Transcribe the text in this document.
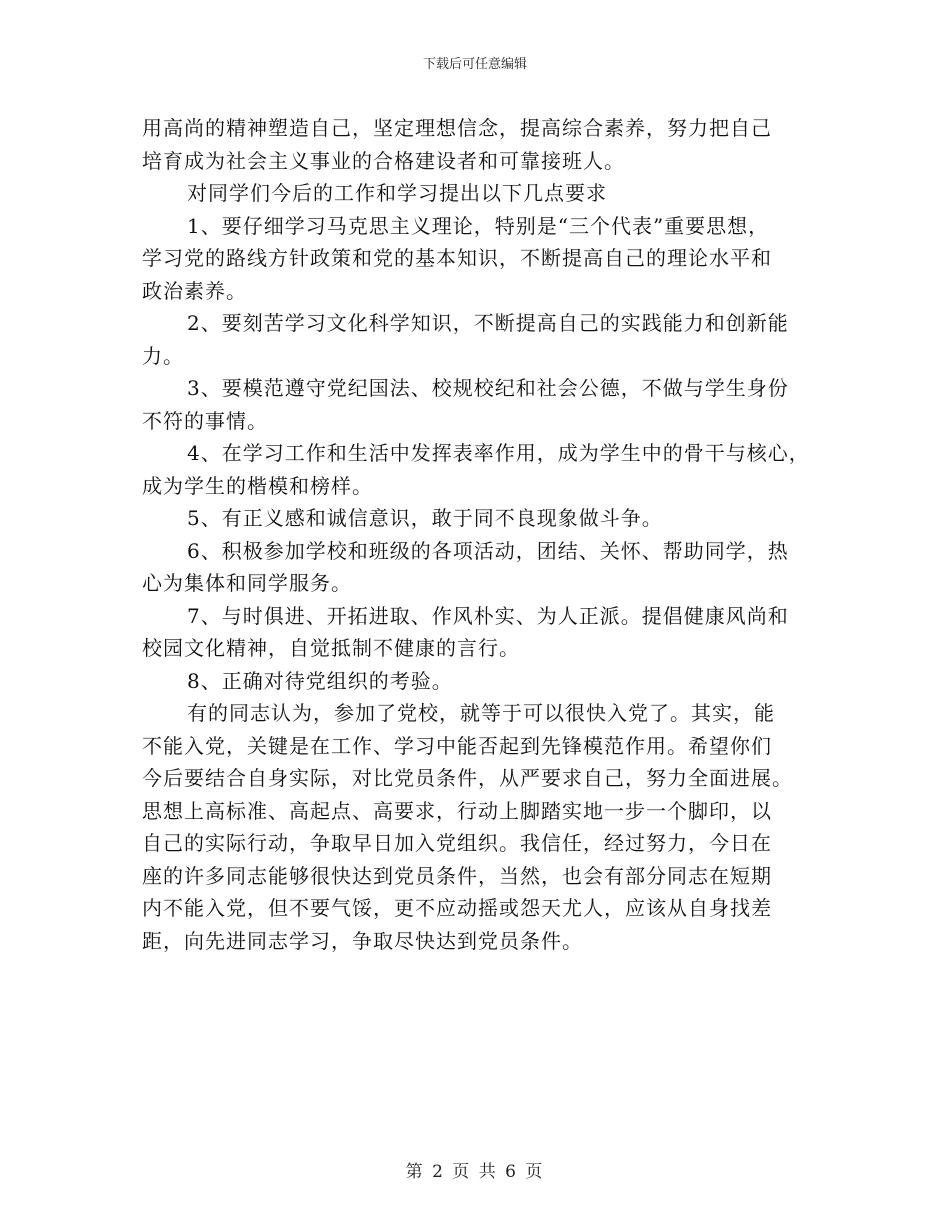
下载后可任意编辑
用高尚的精神塑造自己，坚定理想信念，提高综合素养，努力把自己
培育成为社会主义事业的合格建设者和可靠接班人。
对同学们今后的工作和学习提出以下几点要求
1、要仔细学习马克思主义理论，特别是“三个代表”重要思想，
学习党的路线方针政策和党的基本知识，不断提高自己的理论水平和
政治素养。
2、要刻苦学习文化科学知识，不断提高自己的实践能力和创新能
力。
3、要模范遵守党纪国法、校规校纪和社会公德，不做与学生身份
不符的事情。
4、在学习工作和生活中发挥表率作用，成为学生中的骨干与核心，
成为学生的楷模和榜样。
5、有正义感和诚信意识，敢于同不良现象做斗争。
6、积极参加学校和班级的各项活动，团结、关怀、帮助同学，热
心为集体和同学服务。
7、与时俱进、开拓进取、作风朴实、为人正派。提倡健康风尚和
校园文化精神，自觉抵制不健康的言行。
8、正确对待党组织的考验。
有的同志认为，参加了党校，就等于可以很快入党了。其实，能
不能入党，关键是在工作、学习中能否起到先锋模范作用。希望你们
今后要结合自身实际，对比党员条件，从严要求自己，努力全面进展。
思想上高标准、高起点、高要求，行动上脚踏实地一步一个脚印，以
自己的实际行动，争取早日加入党组织。我信任，经过努力，今日在
座的许多同志能够很快达到党员条件，当然，也会有部分同志在短期
内不能入党，但不要气馁，更不应动摇或怨天尤人，应该从自身找差
距，向先进同志学习，争取尽快达到党员条件。
第 2 页 共 6 页
